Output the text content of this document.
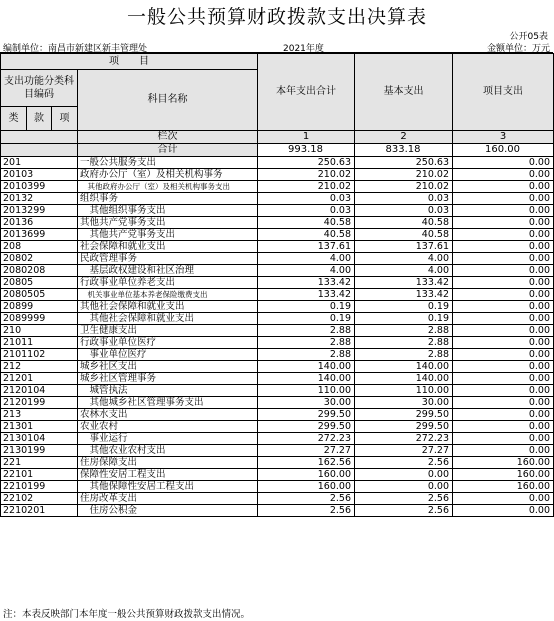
一般公共预算财政拨款支出决算表
公开05表
编制单位：南昌市新建区新丰管理处	2021年度	金额单位：万元
项　　目				本年支出合计	基本支出	项目支出
支出功能分类科目编码			科目名称			
类	款	项				
			栏次	1	2	3
			合计	993.18	833.18	160.00
201			一般公共服务支出	250.63	250.63	0.00
20103			政府办公厅（室）及相关机构事务	210.02	210.02	0.00
2010399			　其他政府办公厅（室）及相关机构事务支出	210.02	210.02	0.00
20132			组织事务	0.03	0.03	0.00
2013299			　其他组织事务支出	0.03	0.03	0.00
20136			其他共产党事务支出	40.58	40.58	0.00
2013699			　其他共产党事务支出	40.58	40.58	0.00
208			社会保障和就业支出	137.61	137.61	0.00
20802			民政管理事务	4.00	4.00	0.00
2080208			　基层政权建设和社区治理	4.00	4.00	0.00
20805			行政事业单位养老支出	133.42	133.42	0.00
2080505			　机关事业单位基本养老保险缴费支出	133.42	133.42	0.00
20899			其他社会保障和就业支出	0.19	0.19	0.00
2089999			　其他社会保障和就业支出	0.19	0.19	0.00
210			卫生健康支出	2.88	2.88	0.00
21011			行政事业单位医疗	2.88	2.88	0.00
2101102			　事业单位医疗	2.88	2.88	0.00
212			城乡社区支出	140.00	140.00	0.00
21201			城乡社区管理事务	140.00	140.00	0.00
2120104			　城管执法	110.00	110.00	0.00
2120199			　其他城乡社区管理事务支出	30.00	30.00	0.00
213			农林水支出	299.50	299.50	0.00
21301			农业农村	299.50	299.50	0.00
2130104			　事业运行	272.23	272.23	0.00
2130199			　其他农业农村支出	27.27	27.27	0.00
221			住房保障支出	162.56	2.56	160.00
22101			保障性安居工程支出	160.00	0.00	160.00
2210199			　其他保障性安居工程支出	160.00	0.00	160.00
22102			住房改革支出	2.56	2.56	0.00
2210201			　住房公积金	2.56	2.56	0.00
注：本表反映部门本年度一般公共预算财政拨款支出情况。
